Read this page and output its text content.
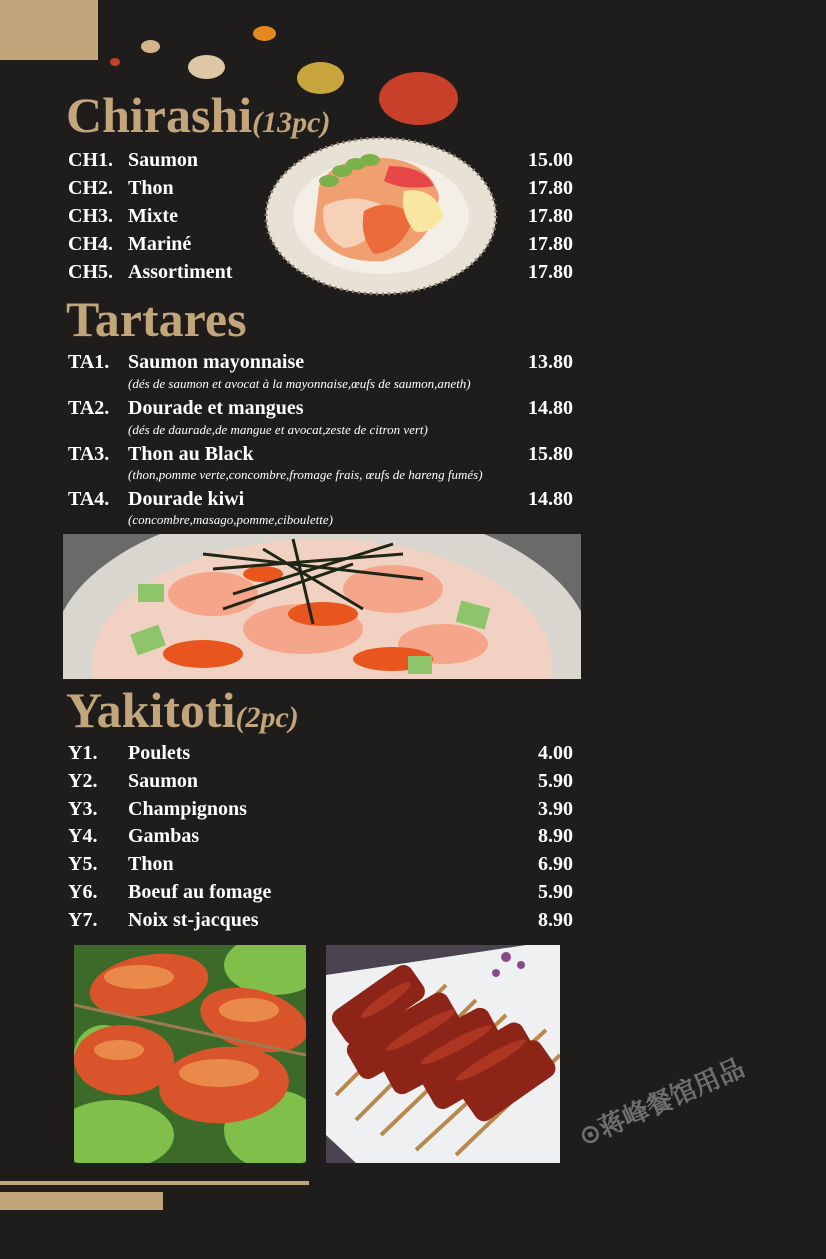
Chirashi(13pc)
CH1. Saumon	15.00
CH2. Thon	17.80
CH3. Mixte	17.80
CH4. Mariné	17.80
CH5. Assortiment	17.80
Tartares
TA1. Saumon mayonnaise	13.80
(dés de saumon et avocat à la mayonnaise,œufs de saumon,aneth)
TA2. Dourade et mangues	14.80
(dés de daurade,de mangue et avocat,zeste de citron vert)
TA3. Thon au Black	15.80
(thon,pomme verte,concombre,fromage frais, œufs de hareng fumés)
TA4. Dourade kiwi	14.80
(concombre,masago,pomme,ciboulette)
Yakitoti(2pc)
Y1. Poulets	4.00
Y2. Saumon	5.90
Y3. Champignons	3.90
Y4. Gambas	8.90
Y5. Thon	6.90
Y6. Boeuf au fomage	5.90
Y7. Noix st-jacques	8.90
⊙蒋峰餐馆用品
